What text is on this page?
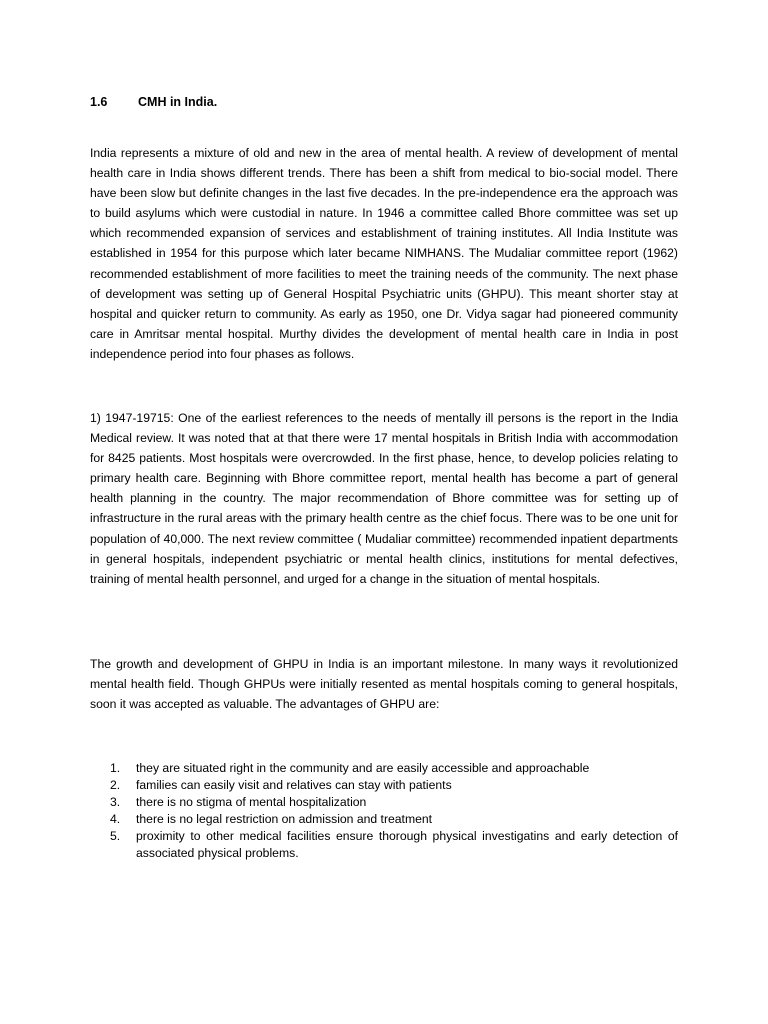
1.6 CMH in India.

India represents a mixture of old and new in the area of mental health. A review of development of mental health care in India shows different trends. There has been a shift from medical to bio-social model. There have been slow but definite changes in the last five decades. In the pre-independence era the approach was to build asylums which were custodial in nature. In 1946 a committee called Bhore committee was set up which recommended expansion of services and establishment of training institutes. All India Institute was established in 1954 for this purpose which later became NIMHANS. The Mudaliar committee report (1962) recommended establishment of more facilities to meet the training needs of the community. The next phase of development was setting up of General Hospital Psychiatric units (GHPU). This meant shorter stay at hospital and quicker return to community. As early as 1950, one Dr. Vidya sagar had pioneered community care in Amritsar mental hospital. Murthy divides the development of mental health care in India in post independence period into four phases as follows.

1) 1947-19715: One of the earliest references to the needs of mentally ill persons is the report in the India Medical review. It was noted that at that there were 17 mental hospitals in British India with accommodation for 8425 patients. Most hospitals were overcrowded. In the first phase, hence, to develop policies relating to primary health care. Beginning with Bhore committee report, mental health has become a part of general health planning in the country. The major recommendation of Bhore committee was for setting up of infrastructure in the rural areas with the primary health centre as the chief focus. There was to be one unit for population of 40,000. The next review committee ( Mudaliar committee) recommended inpatient departments in general hospitals, independent psychiatric or mental health clinics, institutions for mental defectives, training of mental health personnel, and urged for a change in the situation of mental hospitals.

The growth and development of GHPU in India is an important milestone. In many ways it revolutionized mental health field. Though GHPUs were initially resented as mental hospitals coming to general hospitals, soon it was accepted as valuable. The advantages of GHPU are:

1.	they are situated right in the community and are easily accessible and approachable
2.	families can easily visit and relatives can stay with patients
3.	there is no stigma of mental hospitalization
4.	there is no legal restriction on admission and treatment
5.	proximity to other medical facilities ensure thorough physical investigatins and early detection of associated physical problems.
